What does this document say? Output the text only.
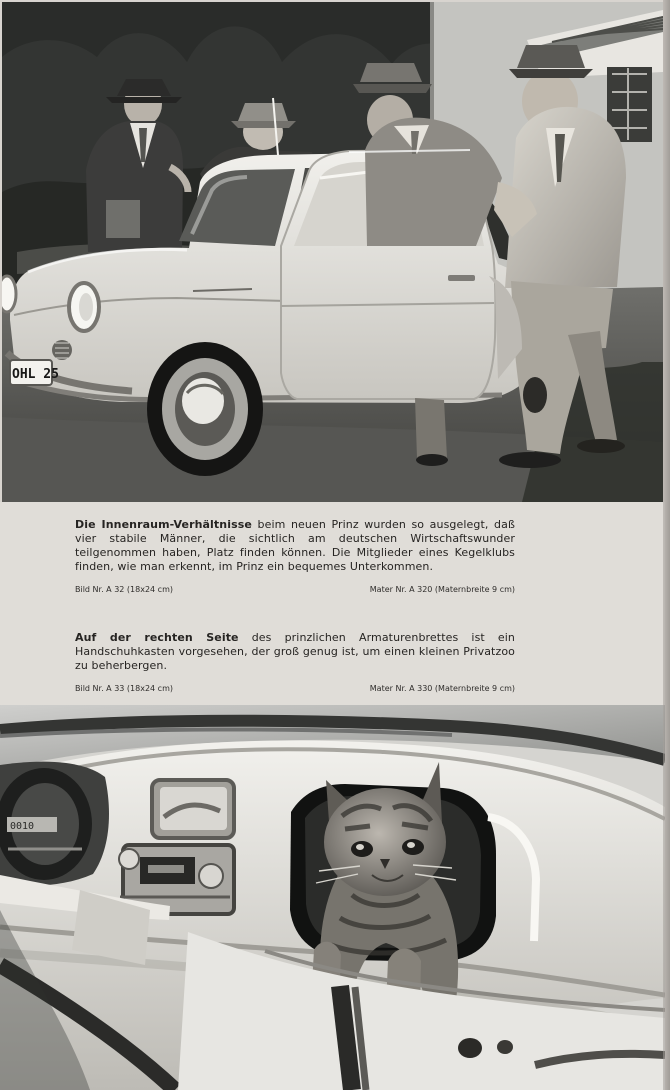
OHL 25

Die Innenraum-Verhältnisse beim neuen Prinz wurden so ausgelegt, daß vier stabile Männer, die sichtlich am deutschen Wirtschaftswunder teilgenommen haben, Platz finden können. Die Mitglieder eines Kegelklubs finden, wie man erkennt, im Prinz ein bequemes Unterkommen.

Bild Nr. A 32 (18x24 cm)	Mater Nr. A 320 (Maternbreite 9 cm)

Auf der rechten Seite des prinzlichen Armaturenbrettes ist ein Handschuhkasten vorgesehen, der groß genug ist, um einen kleinen Privatzoo zu beherbergen.

Bild Nr. A 33 (18x24 cm)	Mater Nr. A 330 (Maternbreite 9 cm)
0010
